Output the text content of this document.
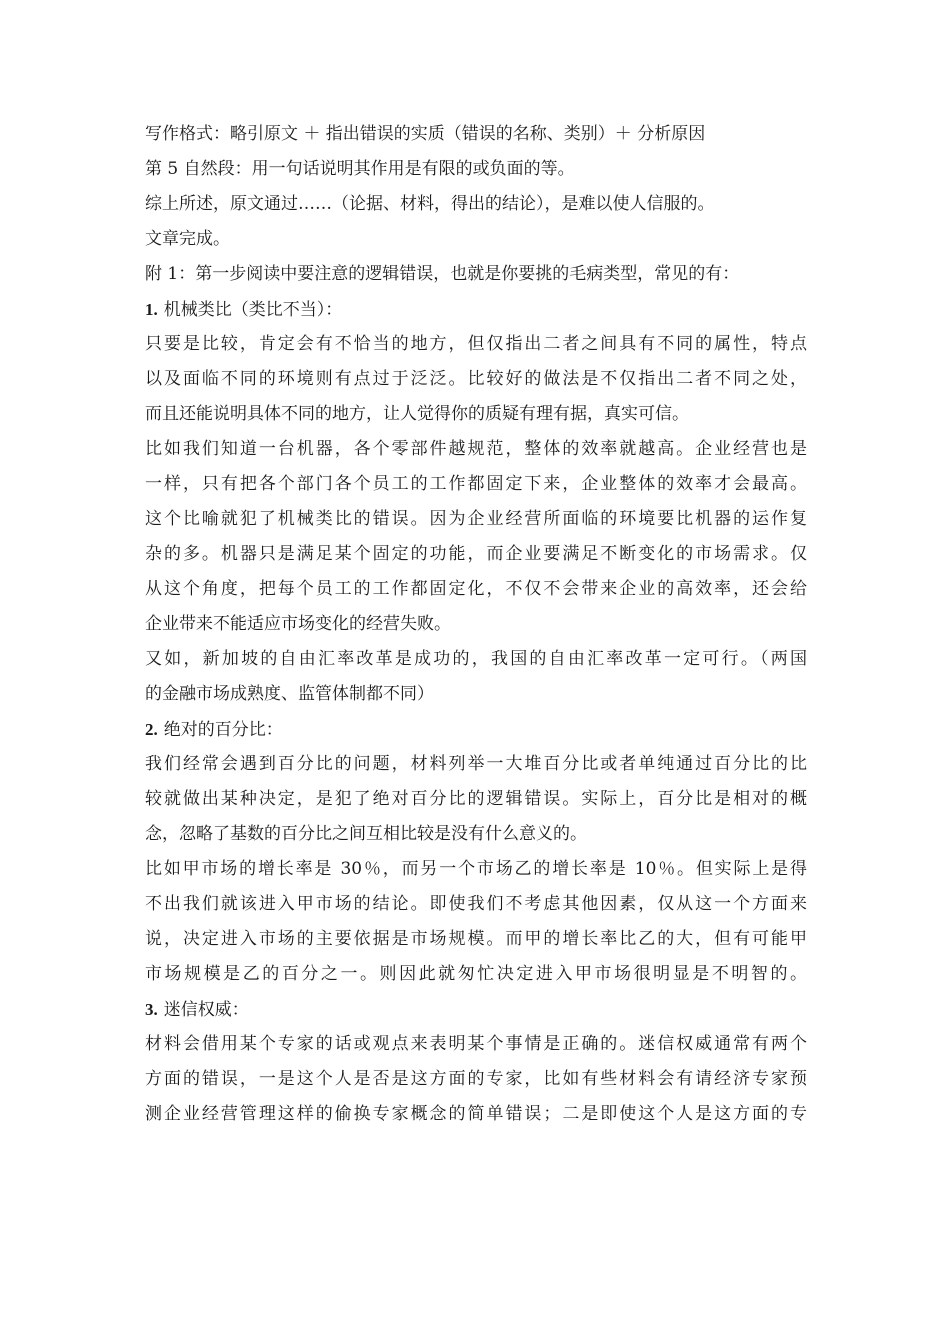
写作格式：略引原文 ＋ 指出错误的实质（错误的名称、类别）＋ 分析原因
第 5 自然段：用一句话说明其作用是有限的或负面的等。
综上所述，原文通过……（论据、材料，得出的结论），是难以使人信服的。
文章完成。
附 1：第一步阅读中要注意的逻辑错误，也就是你要挑的毛病类型，常见的有：
1. 机械类比（类比不当）：
只要是比较，肯定会有不恰当的地方，但仅指出二者之间具有不同的属性，特点
以及面临不同的环境则有点过于泛泛。比较好的做法是不仅指出二者不同之处，
而且还能说明具体不同的地方，让人觉得你的质疑有理有据，真实可信。
比如我们知道一台机器，各个零部件越规范，整体的效率就越高。企业经营也是
一样，只有把各个部门各个员工的工作都固定下来，企业整体的效率才会最高。
这个比喻就犯了机械类比的错误。因为企业经营所面临的环境要比机器的运作复
杂的多。机器只是满足某个固定的功能，而企业要满足不断变化的市场需求。仅
从这个角度，把每个员工的工作都固定化，不仅不会带来企业的高效率，还会给
企业带来不能适应市场变化的经营失败。
又如，新加坡的自由汇率改革是成功的，我国的自由汇率改革一定可行。（两国
的金融市场成熟度、监管体制都不同）
2. 绝对的百分比：
我们经常会遇到百分比的问题，材料列举一大堆百分比或者单纯通过百分比的比
较就做出某种决定，是犯了绝对百分比的逻辑错误。实际上，百分比是相对的概
念，忽略了基数的百分比之间互相比较是没有什么意义的。
比如甲市场的增长率是 30％，而另一个市场乙的增长率是 10％。但实际上是得
不出我们就该进入甲市场的结论。即使我们不考虑其他因素，仅从这一个方面来
说，决定进入市场的主要依据是市场规模。而甲的增长率比乙的大，但有可能甲
市场规模是乙的百分之一。则因此就匆忙决定进入甲市场很明显是不明智的。
3. 迷信权威：
材料会借用某个专家的话或观点来表明某个事情是正确的。迷信权威通常有两个
方面的错误，一是这个人是否是这方面的专家，比如有些材料会有请经济专家预
测企业经营管理这样的偷换专家概念的简单错误；二是即使这个人是这方面的专
